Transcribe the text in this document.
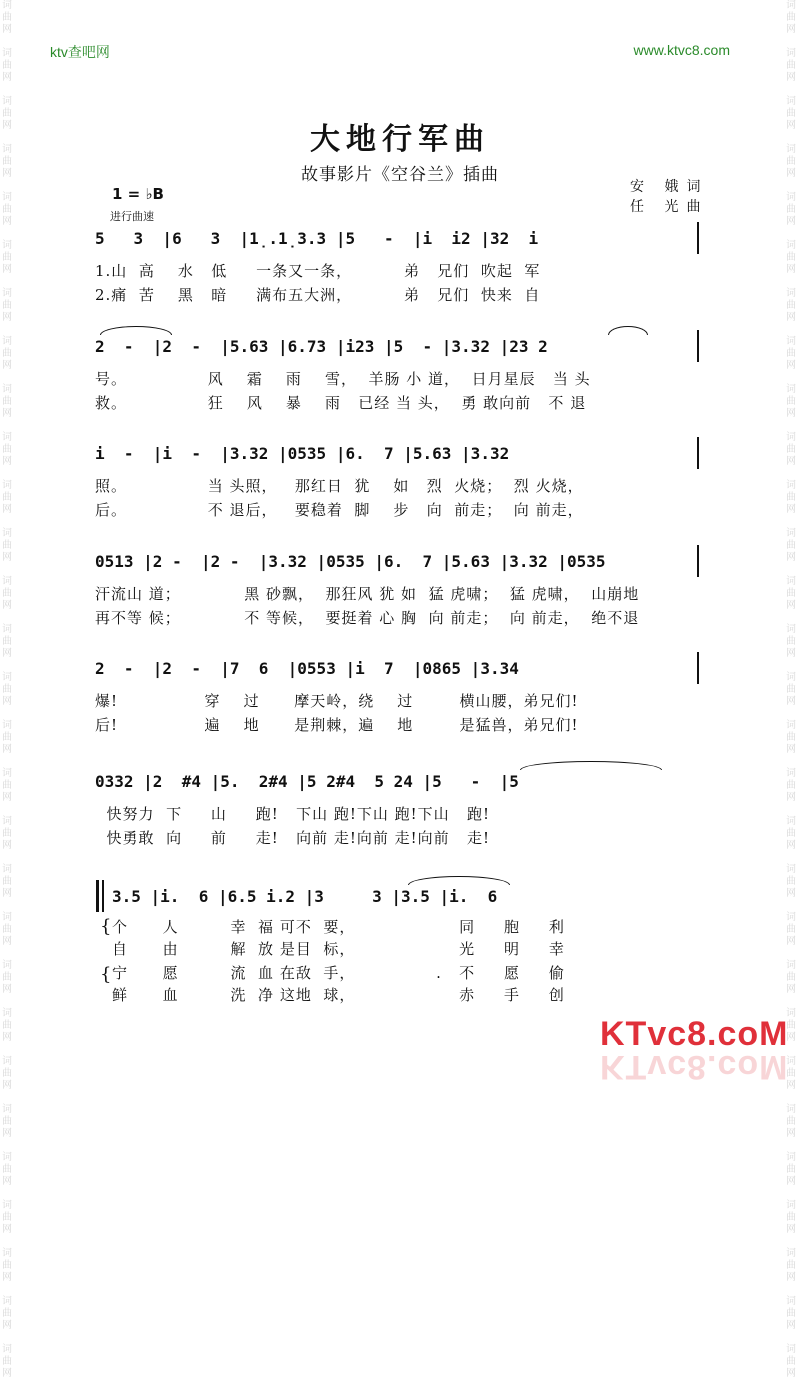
ktv查吧网	www.ktvc8.com
词
曲
网

词
曲
网

词
曲
网

词
曲
网

词
曲
网

词
曲
网

词
曲
网

词
曲
网

词
曲
网

词
曲
网

词
曲
网

词
曲
网

词
曲
网

词
曲
网

词
曲
网

词
曲
网

词
曲
网

词
曲
网

词
曲
网

词
曲
网

词
曲
网

词
曲
网

词
曲
网

词
曲
网

词
曲
网

词
曲
网

词
曲
网

词
曲
网

词
曲
网

词
曲
网

词
曲
网

词
曲
网

词
曲
网

词
曲
网

词
曲
网

词
曲
网

词
曲
网

词
曲
网

词
曲
网

词
曲
网

词
曲
网

词
曲
网

词
曲
网

词
曲
网

词
曲
网

词
曲
网

词
曲
网

词
曲
网

词
曲
网

词
曲
网

词
曲
网

词
曲
网

词
曲
网

词
曲
网

词
曲
网

词
曲
网

词
曲
网

词
曲
网

大地行军曲
故事影片《空谷兰》插曲
安 娥词
任 光曲
1 = ♭B
进行曲速
5   3  |6   3  |1̣.1̣3.3 |5   -  |i  i2 |32  i
1.山  高    水   低     一条又一条，         弟   兄们  吹起  军
2.痛  苦    黑   暗     满布五大洲，         弟   兄们  快来  自
2  -  |2  -  |5.63 |6.73 |i23 |5  - |3.32 |23 2
号。              风    霜    雨    雪，  羊肠 小 道，  日月星辰   当 头
救。              狂    风    暴    雨   已经 当 头，  勇 敢向前   不 退
i  -  |i  -  |3.32 |0535 |6.  7 |5.63 |3.32
照。              当 头照，   那红日  犹    如   烈  火烧；  烈 火烧，
后。              不 退后，   要稳着  脚    步   向  前走；  向 前走，
0513 |2 -  |2 -  |3.32 |0535 |6.  7 |5.63 |3.32 |0535
汗流山 道；           黑 砂飘，  那狂风 犹 如  猛 虎啸；  猛 虎啸，  山崩地
再不等 候；           不 等候，  要挺着 心 胸  向 前走；  向 前走，  绝不退
2  -  |2  -  |7  6  |0553 |i  7  |0865 |3.34
爆!               穿    过      摩天岭，绕    过        横山腰，弟兄们!
后!               遍    地      是荆棘，遍    地        是猛兽，弟兄们!
0332 |2  #4 |5.  2#4 |5 2#4  5 24 |5   -  |5
快努力  下     山     跑!   下山 跑!下山 跑!下山   跑!
快勇敢  向     前     走!   向前 走!向前 走!向前   走!
3.5 |i.  6 |6.5 i.2 |3     3 |3.5 |i.  6
{
{
个      人         幸  福 可不  要，                  同     胞     利
自      由         解  放 是目  标，                  光     明     幸
宁      愿         流  血 在敌  手，              .   不     愿     偷
鲜      血         洗  净 这地  球，                  赤     手     创
KTvc8.coM
KTvc8.coM
